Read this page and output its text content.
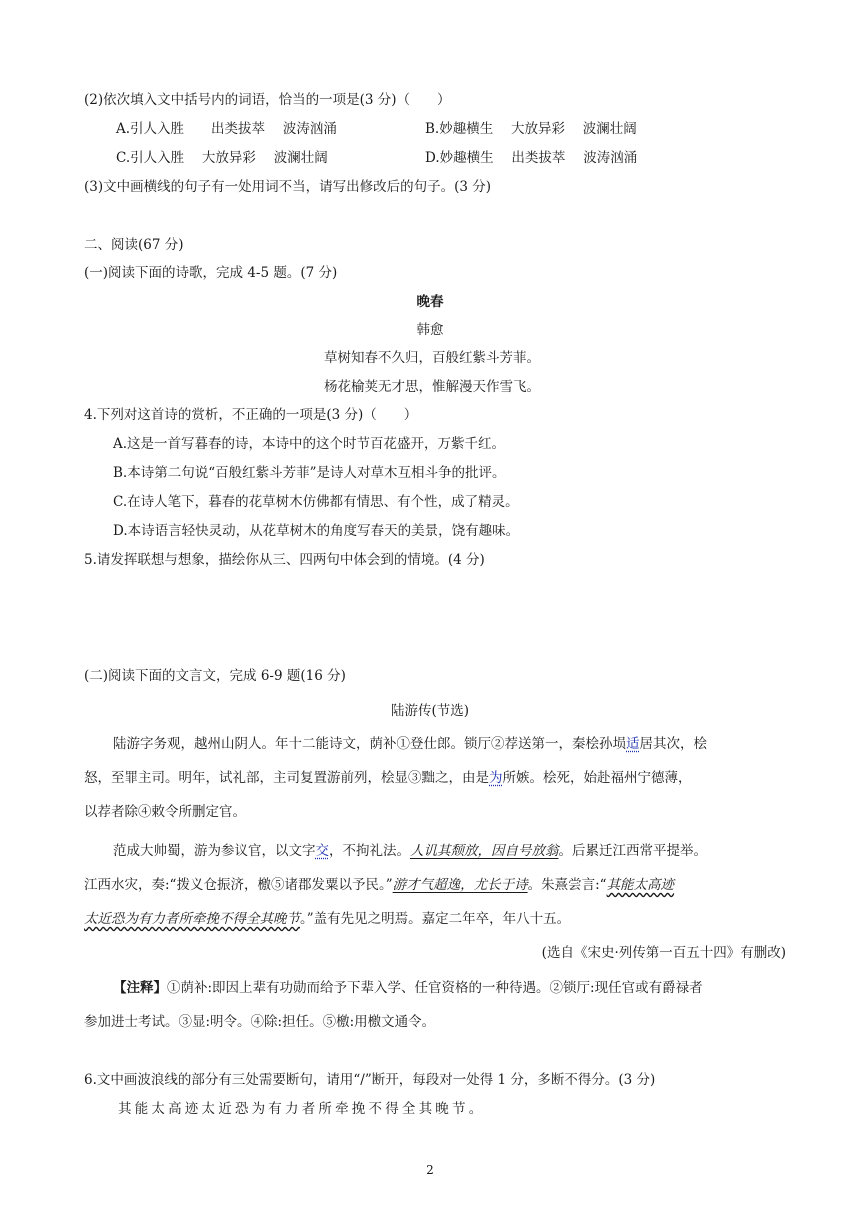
(2)依次填入文中括号内的词语，恰当的一项是(3 分)（　　）
A.引人入胜　　出类拔萃　 波涛汹涌	B.妙趣横生　 大放异彩　 波澜壮阔
C.引人入胜　 大放异彩　 波澜壮阔	D.妙趣横生　 出类拔萃　 波涛汹涌
(3)文中画横线的句子有一处用词不当，请写出修改后的句子。(3 分)
二、阅读(67 分)
(一)阅读下面的诗歌，完成 4-5 题。(7 分)
晚春
韩愈
草树知春不久归，百般红紫斗芳菲。
杨花榆荚无才思，惟解漫天作雪飞。
4.下列对这首诗的赏析，不正确的一项是(3 分)（　　）
A.这是一首写暮春的诗，本诗中的这个时节百花盛开，万紫千红。
B.本诗第二句说“百般红紫斗芳菲”是诗人对草木互相斗争的批评。
C.在诗人笔下，暮春的花草树木仿佛都有情思、有个性，成了精灵。
D.本诗语言轻快灵动，从花草树木的角度写春天的美景，饶有趣味。
5.请发挥联想与想象，描绘你从三、四两句中体会到的情境。(4 分)
(二)阅读下面的文言文，完成 6-9 题(16 分)
陆游传(节选)
陆游字务观，越州山阴人。年十二能诗文，荫补①登仕郎。锁厅②荐送第一，秦桧孙埙适居其次，桧
怒，至罪主司。明年，试礼部，主司复置游前列，桧显③黜之，由是为所嫉。桧死，始赴福州宁德薄，
以荐者除④敕令所删定官。
范成大帅蜀，游为参议官，以文字交，不拘礼法。人讥其颓放，因自号放翁。后累迁江西常平提举。
江西水灾，奏:“拨义仓振济，檄⑤诸郡发粟以予民。”游才气超逸，尤长于诗。朱熹尝言:“其能太高迹
太近恐为有力者所牵挽不得全其晚节。”盖有先见之明焉。嘉定二年卒，年八十五。
(选自《宋史·列传第一百五十四》有删改)
【注释】①荫补:即因上辈有功勋而给予下辈入学、任官资格的一种待遇。②锁厅:现任官或有爵禄者
参加进士考试。③显:明令。④除:担任。⑤檄:用檄文通令。
6.文中画波浪线的部分有三处需要断句，请用“/”断开，每段对一处得 1 分，多断不得分。(3 分)
其能太高迹太近恐为有力者所牵挽不得全其晚节。
2
